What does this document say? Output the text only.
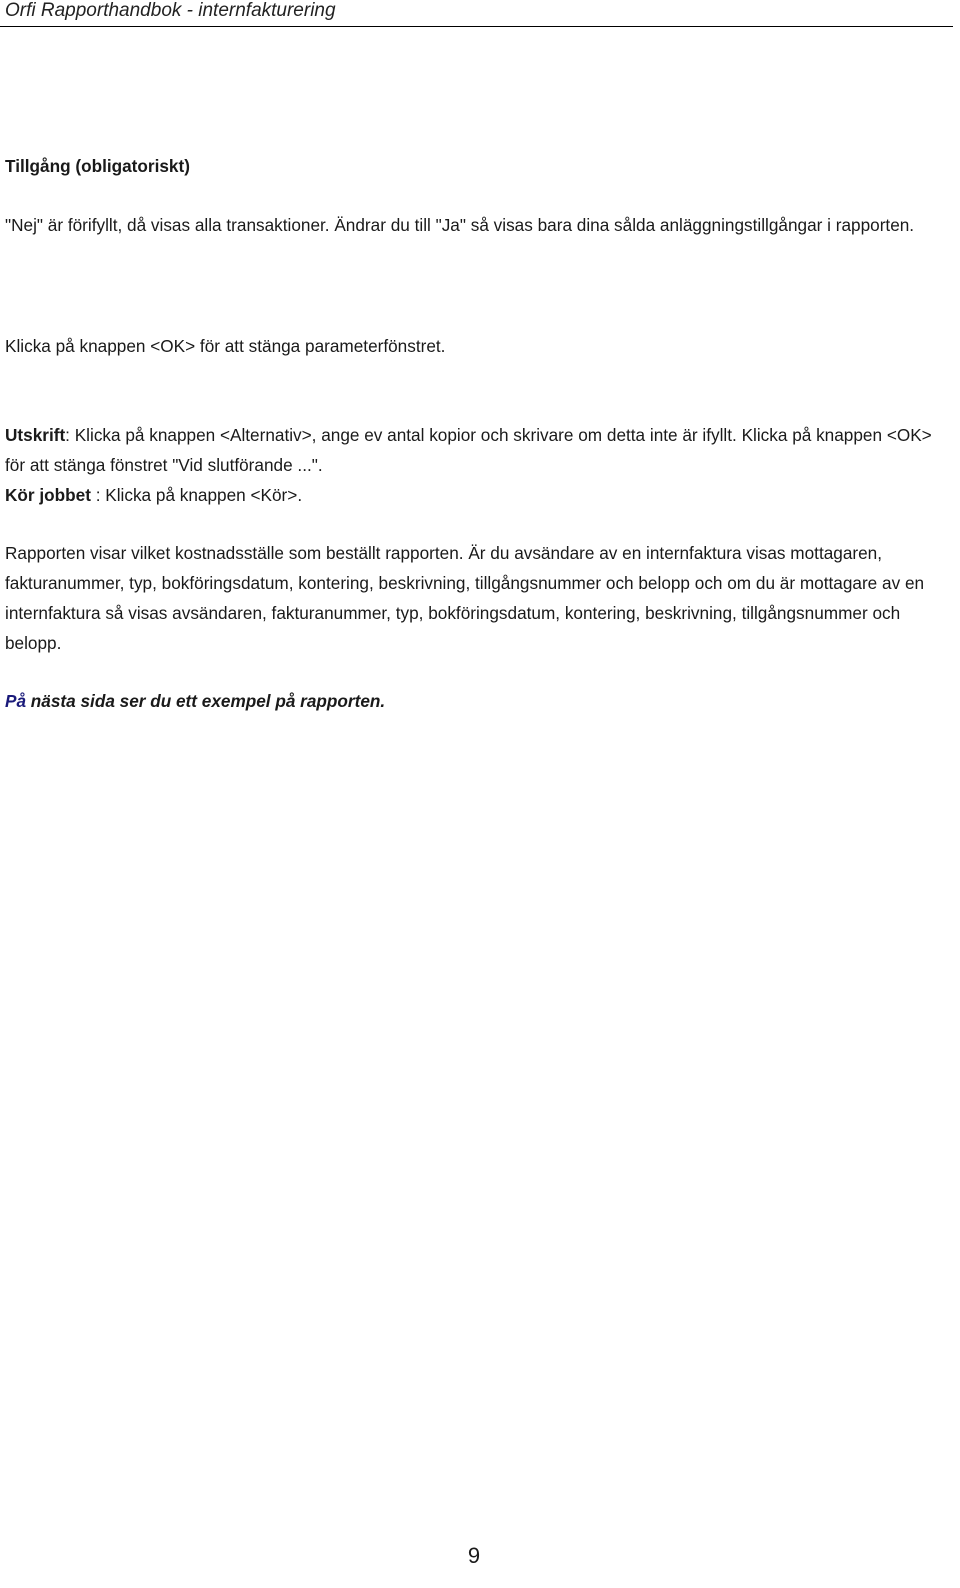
Orfi Rapporthandbok - internfakturering
Tillgång (obligatoriskt)
"Nej" är förifyllt, då visas alla transaktioner. Ändrar du till "Ja" så visas bara dina sålda anläggningstillgångar i rapporten.
Klicka på knappen <OK> för att stänga parameterfönstret.
Utskrift: Klicka på knappen <Alternativ>, ange ev antal kopior och skrivare om detta inte är ifyllt. Klicka på knappen <OK> för att stänga fönstret "Vid slutförande ...".
Kör jobbet : Klicka på knappen <Kör>.
Rapporten visar vilket kostnadsställe som beställt rapporten. Är du avsändare av en internfaktura visas mottagaren, fakturanummer, typ, bokföringsdatum, kontering, beskrivning, tillgångsnummer och belopp och om du är mottagare av en internfaktura så visas avsändaren, fakturanummer, typ, bokföringsdatum, kontering, beskrivning, tillgångsnummer och belopp.
På nästa sida ser du ett exempel på rapporten.
9
